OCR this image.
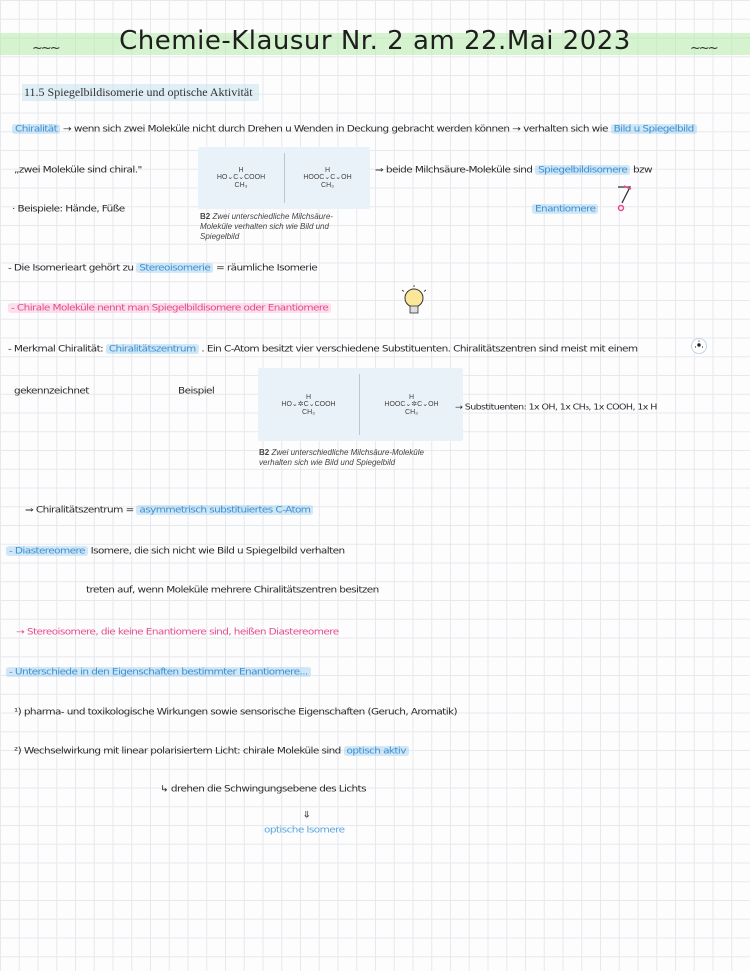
~~~	Chemie-Klausur Nr. 2 am 22.Mai 2023	~~~
11.5 Spiegelbildisomerie und optische Aktivität
Chiralität → wenn sich zwei Moleküle nicht durch Drehen u Wenden in Deckung gebracht werden können → verhalten sich wie Bild u Spiegelbild
„zwei Moleküle sind chiral."	H
HO⌄C⌄COOH
CH₃
H
HOOC⌄C⌄OH
CH₃
B2 Zwei unterschiedliche Milchsäure-Moleküle verhalten sich wie Bild und Spiegelbild
⇒ beide Milchsäure-Moleküle sind Spiegelbildisomere bzw
Enantiomere
· Beispiele: Hände, Füße
- Die Isomerieart gehört zu Stereoisomerie = räumliche Isomerie
- Chirale Moleküle nennt man Spiegelbildisomere oder Enantiomere
- Merkmal Chiralität: Chiralitätszentrum . Ein C-Atom besitzt vier verschiedene Substituenten. Chiralitätszentren sind meist mit einem
gekennzeichnet	Beispiel
H
HO⌄✲C⌄COOH
CH₃
H
HOOC⌄✲C⌄OH
CH₃
B2 Zwei unterschiedliche Milchsäure-Moleküle verhalten sich wie Bild und Spiegelbild
→ Substituenten: 1x OH, 1x CH₃, 1x COOH, 1x H
⇒ Chiralitätszentrum = asymmetrisch substituiertes C-Atom
- Diastereomere Isomere, die sich nicht wie Bild u Spiegelbild verhalten
treten auf, wenn Moleküle mehrere Chiralitätszentren besitzen
→ Stereoisomere, die keine Enantiomere sind, heißen Diastereomere
- Unterschiede in den Eigenschaften bestimmter Enantiomere...
¹) pharma- und toxikologische Wirkungen sowie sensorische Eigenschaften (Geruch, Aromatik)
²) Wechselwirkung mit linear polarisiertem Licht: chirale Moleküle sind optisch aktiv
↳ drehen die Schwingungsebene des Lichts
⇓
optische Isomere
